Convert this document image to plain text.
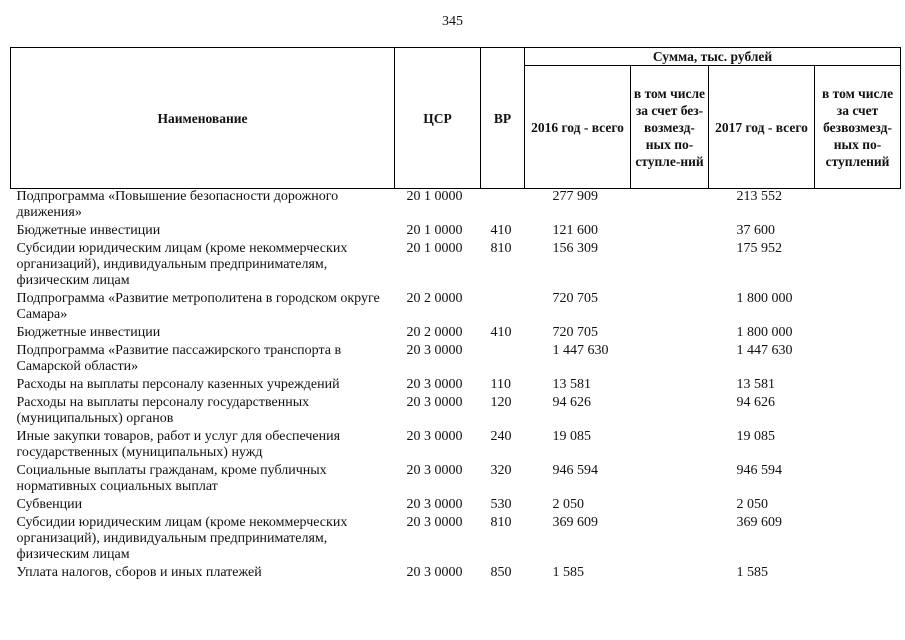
345
Наименование	ЦСР	ВР	Сумма, тыс. рублей			
			2016 год - всего	в том числе за счет без-возмезд-ных по-ступле-ний	2017 год - всего	в том числе за счет безвозмезд-ных по-ступлений
Подпрограмма «Повышение безопасности дорожного движения»	20 1 0000		277 909		213 552	
Бюджетные инвестиции	20 1 0000	410	121 600		37 600	
Субсидии юридическим лицам (кроме некоммерческих организаций), индивидуальным предпринимателям, физическим лицам	20 1 0000	810	156 309		175 952	
Подпрограмма «Развитие метрополитена в городском округе Самара»	20 2 0000		720 705		1 800 000	
Бюджетные инвестиции	20 2 0000	410	720 705		1 800 000	
Подпрограмма «Развитие пассажирского транспорта в Самарской области»	20 3 0000		1 447 630		1 447 630	
Расходы на выплаты персоналу казенных учреждений	20 3 0000	110	13 581		13 581	
Расходы на выплаты персоналу государственных (муниципальных) органов	20 3 0000	120	94 626		94 626	
Иные закупки товаров, работ и услуг для обеспечения государственных (муниципальных) нужд	20 3 0000	240	19 085		19 085	
Социальные выплаты гражданам, кроме публичных нормативных социальных выплат	20 3 0000	320	946 594		946 594	
Субвенции	20 3 0000	530	2 050		2 050	
Субсидии юридическим лицам (кроме некоммерческих организаций), индивидуальным предпринимателям, физическим лицам	20 3 0000	810	369 609		369 609	
Уплата налогов, сборов и иных платежей	20 3 0000	850	1 585		1 585	
